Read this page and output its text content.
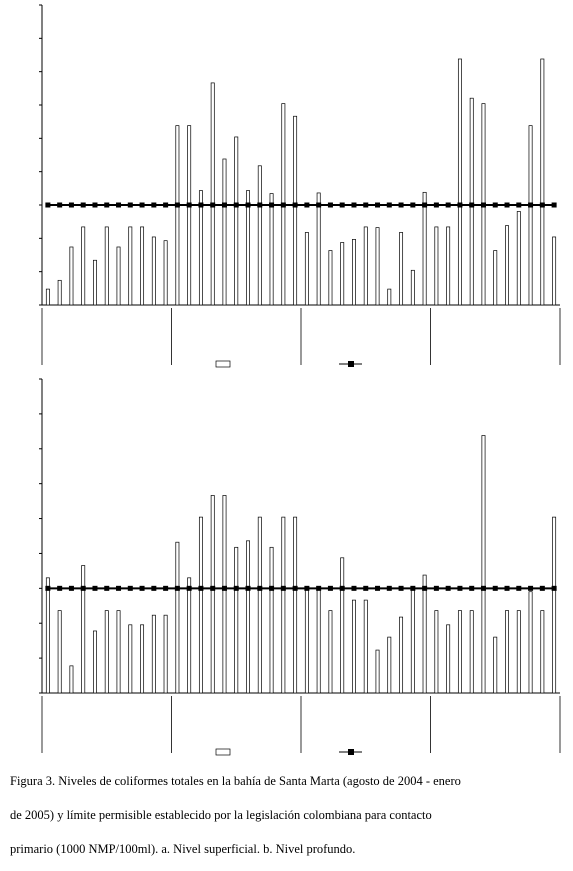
Figura 3. Niveles de coliformes totales en la bahía de Santa Marta (agosto de 2004 - enero
de 2005) y límite permisible establecido por la legislación colombiana para contacto
primario (1000 NMP/100ml). a. Nivel superficial. b. Nivel profundo.
